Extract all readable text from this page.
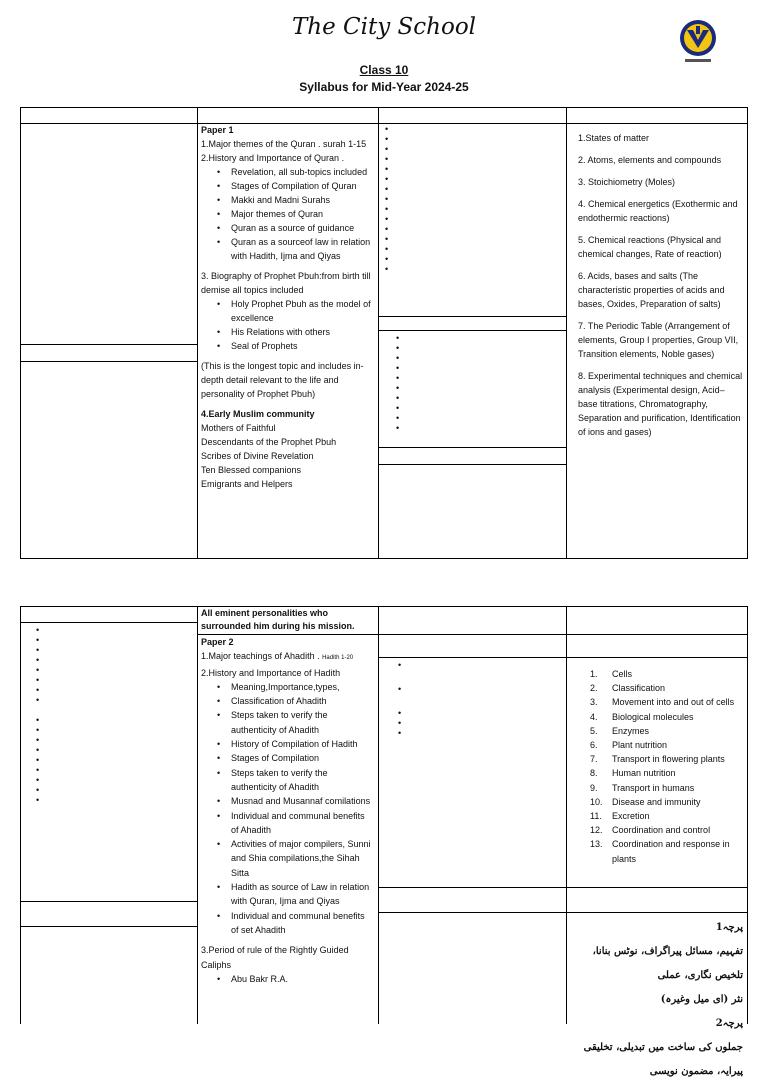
The City School
Class 10
Syllabus for Mid-Year 2024-25

Paper 1

1.Major themes of the Quran . surah 1-15

2.History and Importance of Quran .

• Revelation, all sub-topics included
• Stages of Compilation of Quran
• Makki and Madni Surahs
• Major themes of Quran
• Quran as a source of guidance
• Quran as a sourceof law in relation with Hadith, Ijma and Qiyas

3. Biography of Prophet Pbuh:from birth till demise all topics included

• Holy Prophet Pbuh as the model of excellence
• His Relations with others
• Seal of Prophets

(This is the longest topic and includes in-depth detail relevant to the life and personality of Prophet Pbuh)

4.Early Muslim community

Mothers of Faithful

Descendants of the Prophet Pbuh

Scribes of Divine Revelation

Ten Blessed companions

Emigrants and Helpers

•
•
•
•
•
•
•
•
•
•
•
•
•
•
•
•
•
•
•
•
•
•
•
•
•

1.States of matter

2. Atoms, elements and compounds

3. Stoichiometry (Moles)

4. Chemical energetics (Exothermic and endothermic reactions)

5. Chemical reactions (Physical and chemical changes, Rate of reaction)

6. Acids, bases and salts (The characteristic properties of acids and bases, Oxides, Preparation of salts)

7. The Periodic Table (Arrangement of elements, Group I properties, Group VII, Transition elements, Noble gases)

8. Experimental techniques and chemical analysis (Experimental design, Acid–base titrations, Chromatography, Separation and purification, Identification of ions and gases)

All eminent personalities who surrounded him during his mission.

Paper 2

1.Major teachings of Ahadith . Hadith 1-20

2.History and Importance of Hadith

• Meaning,Importance,types,
• Classification of Ahadith
• Steps taken to verify the authenticity of Ahadith
• History of Compilation of Hadith
• Stages of Compilation
• Steps taken to verify the authenticity of Ahadith
• Musnad and Musannaf comilations
• Individual and communal benefits of Ahadith
• Activities of major compilers, Sunni and Shia compilations,the Sihah Sitta
• Hadith as source of Law in relation with Quran, Ijma and Qiyas
• Individual and communal benefits of set Ahadith

3.Period of rule of the Rightly Guided Caliphs

• Abu Bakr R.A.
•
•
•
•
•
•
•
•
•
•
•
•
•
•
•
•
•
•
•
•
•
•
Cells
Classification
Movement into and out of cells
Biological molecules
Enzymes
Plant nutrition
Transport in flowering plants
Human nutrition
Transport in humans
Disease and immunity
Excretion
Coordination and control
Coordination and response in plants
پرچہ1
تفہیم، مسائل پیراگراف، نوٹس بنانا، تلخیص نگاری، عملی
نثر (ای میل وغیرہ)
پرچہ2
جملوں کی ساخت میں تبدیلی، تخلیقی پیرایہ، مضمون نویسی
